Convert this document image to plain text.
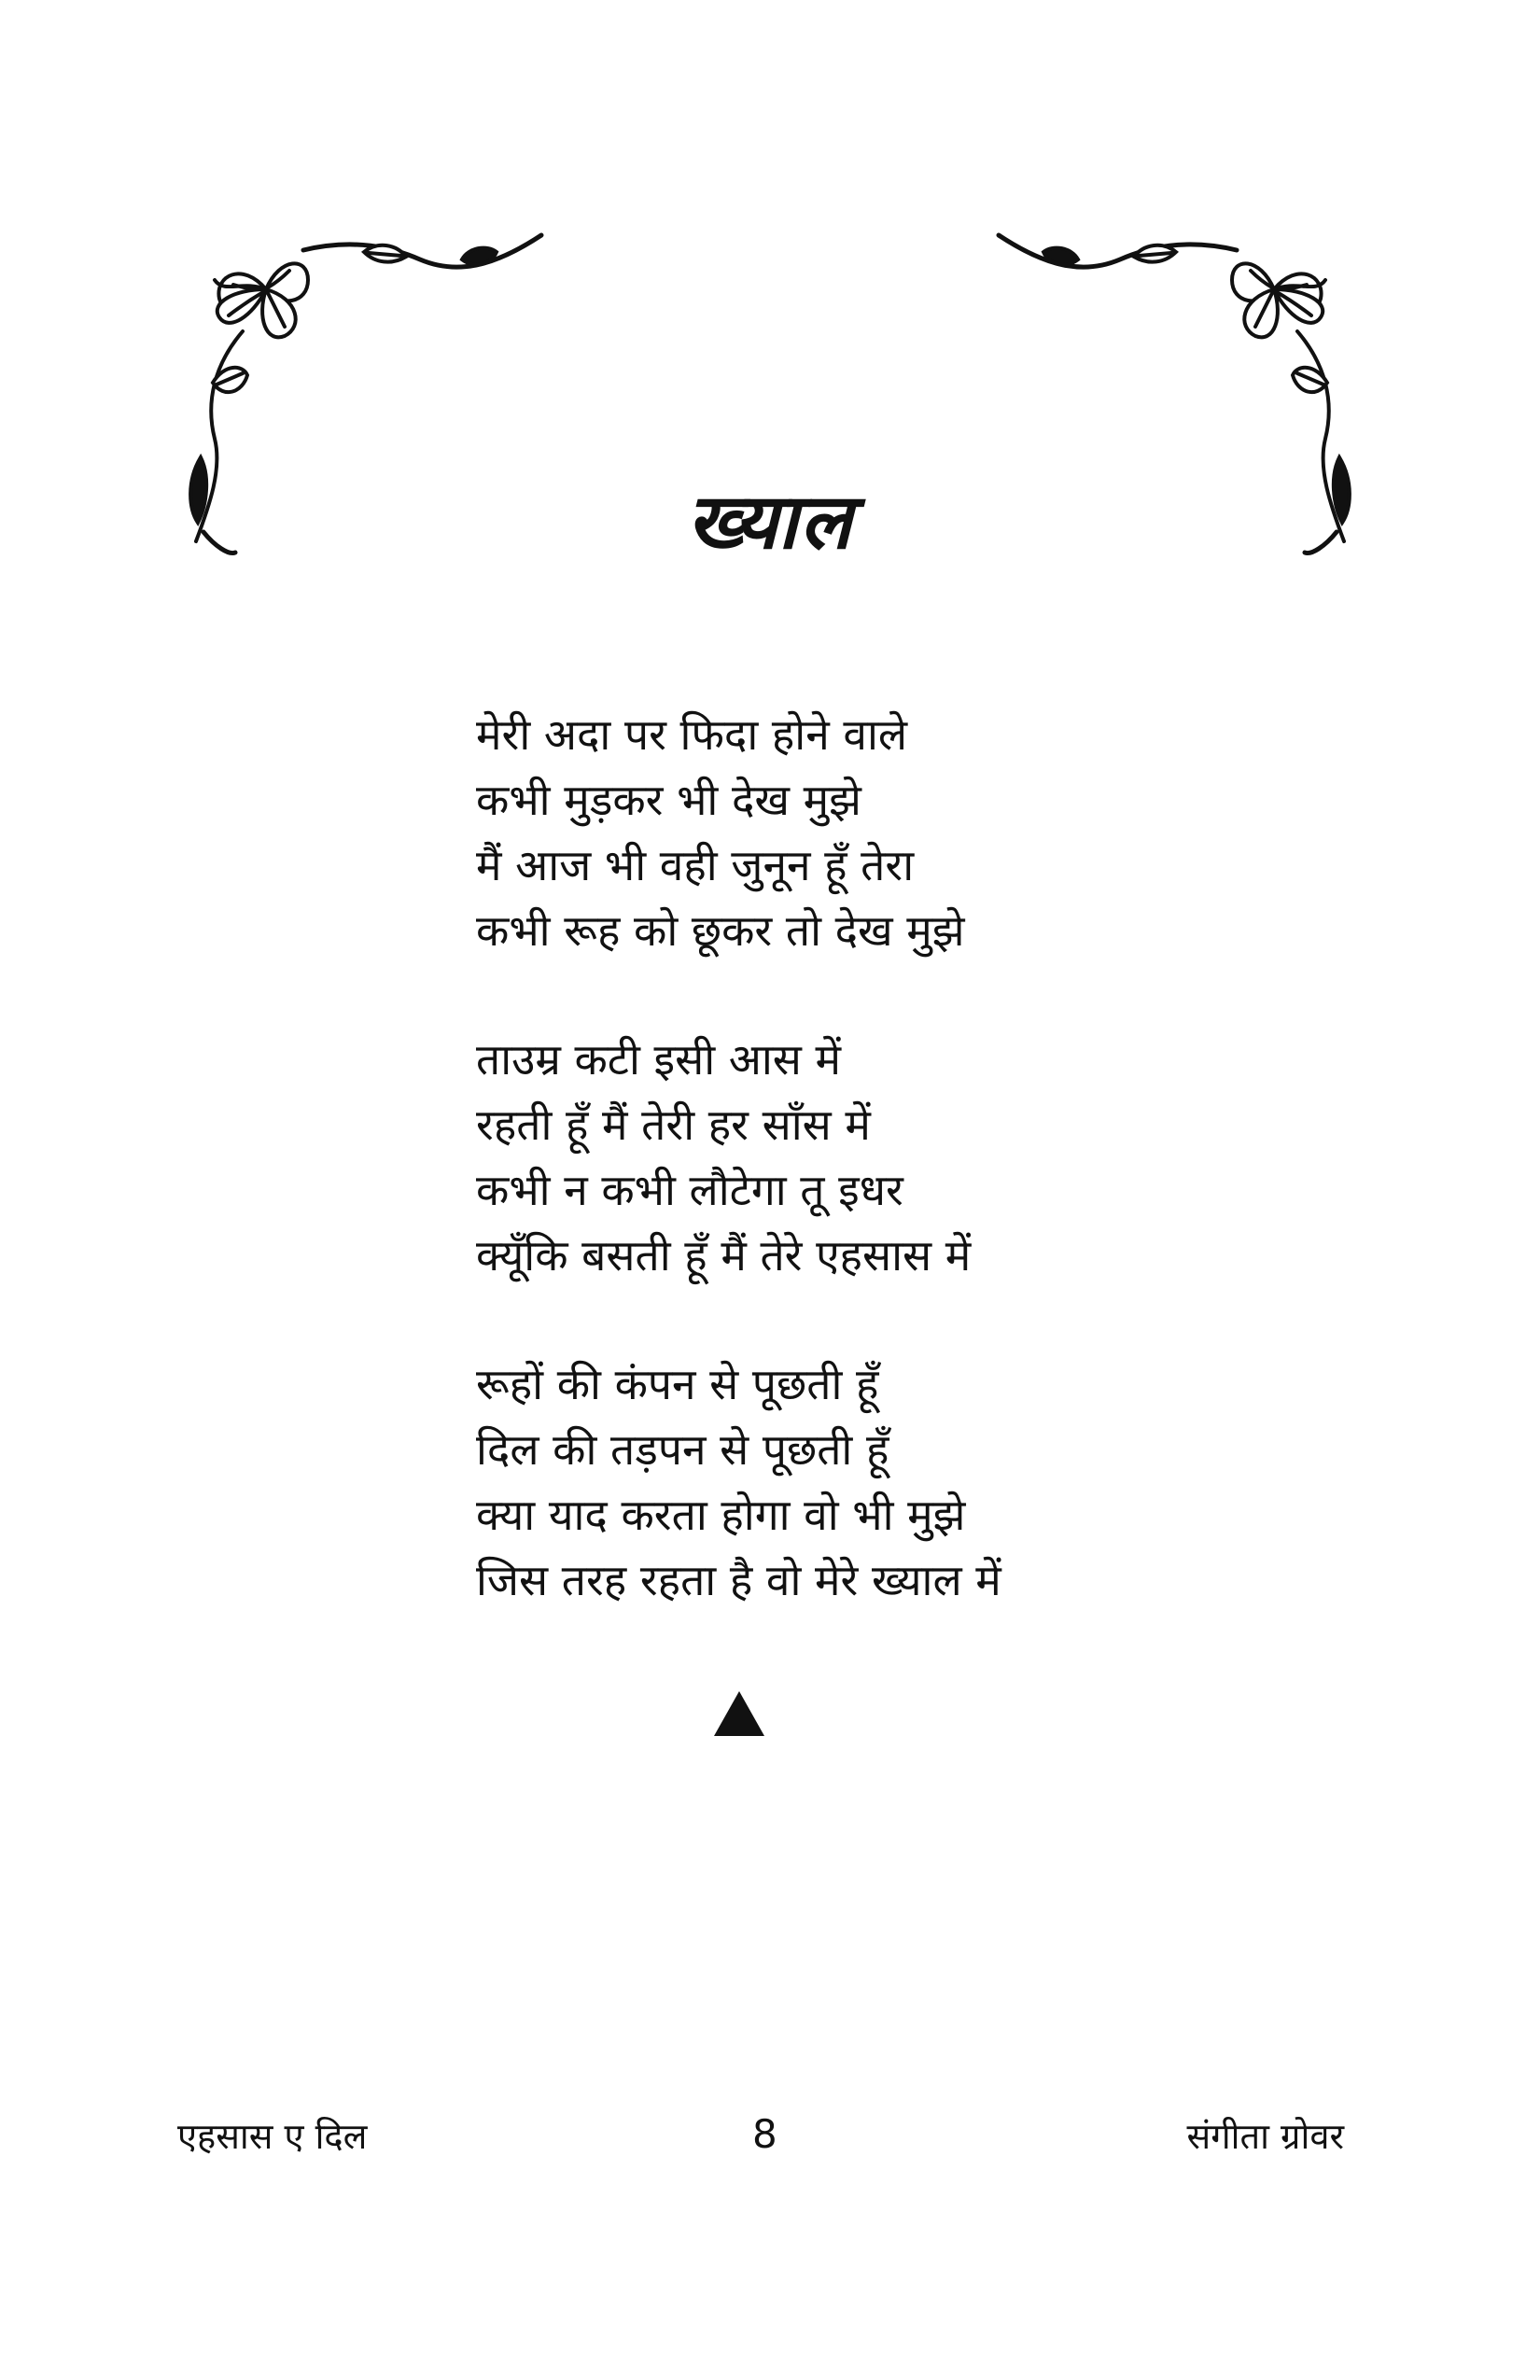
ख्याल
मेरी अदा पर फिदा होने वाले
कभी मुड़कर भी देख मुझे
मैं आज भी वही जुनून हूँ तेरा
कभी रूह को छूकर तो देख मुझे
ताउम्र कटी इसी आस में
रहती हूँ मैं तेरी हर साँस में
कभी न कभी लौटेगा तू इधर
क्यूँकि बसती हूँ मैं तेरे एहसास में
रूहों की कंपन से पूछती हूँ
दिल की तड़पन से पूछती हूँ
क्या याद करता होगा वो भी मुझे
जिस तरह रहता है वो मेरे ख्याल में
एहसास ए दिल	8	संगीता ग्रोवर
